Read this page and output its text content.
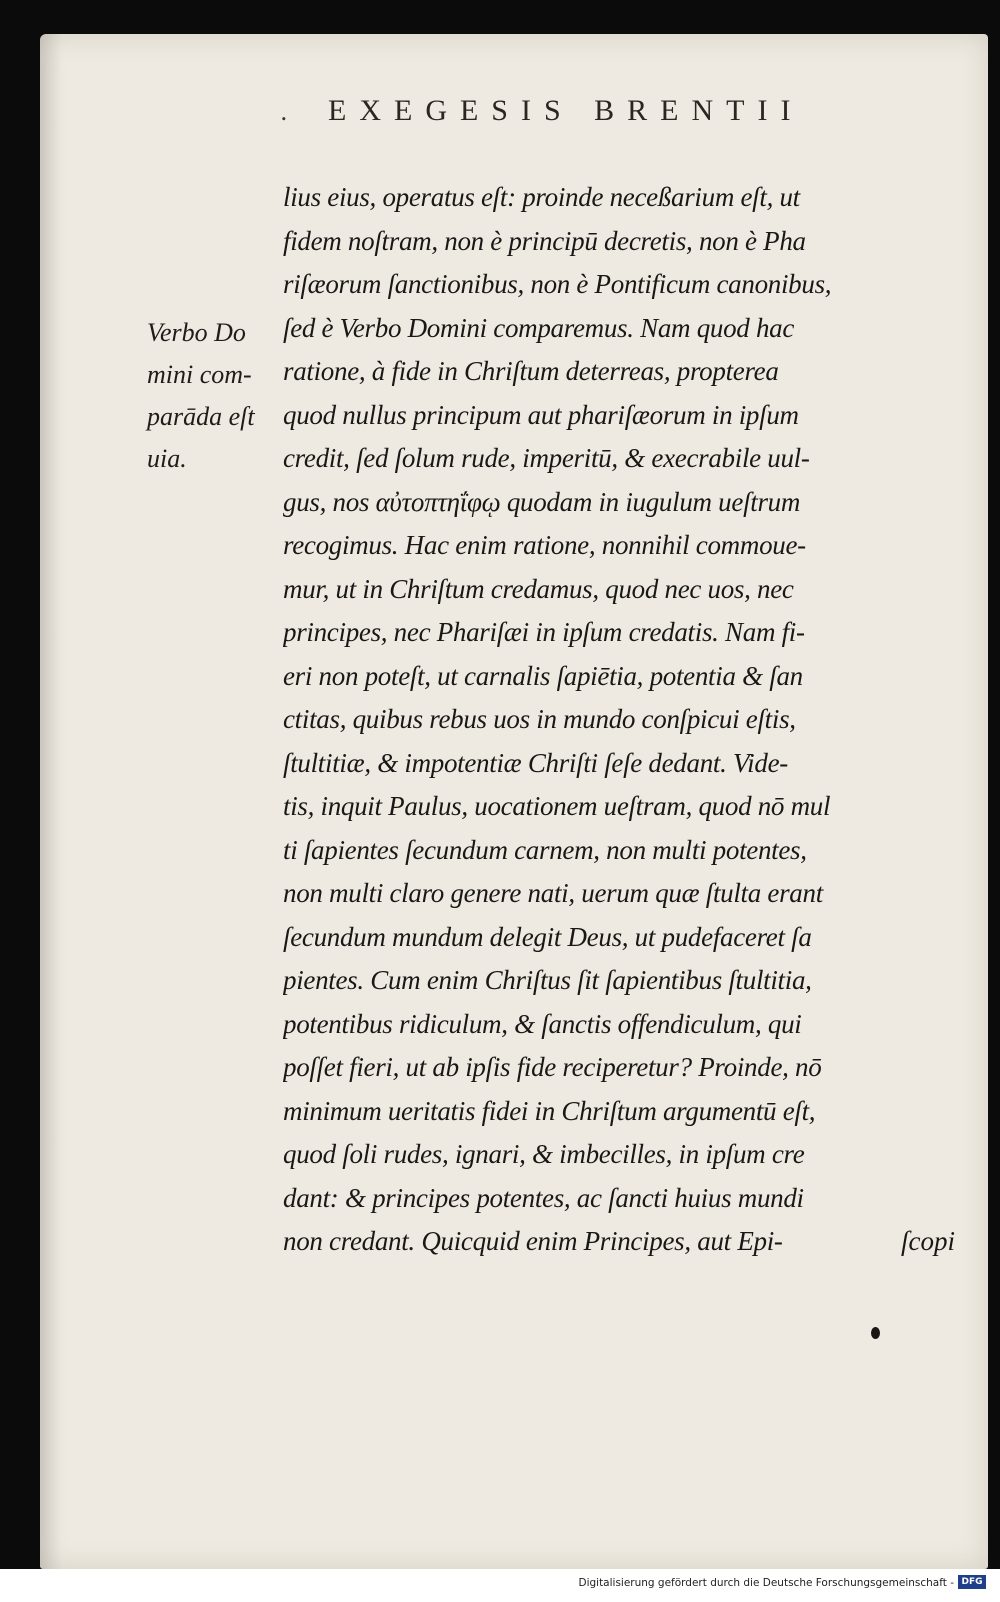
. EXEGESIS BRENTII
Verbo Do
mini com-
parāda eſt
uia.
lius eius, operatus eſt: proinde neceßarium eſt, ut
fidem noſtram, non è principū decretis, non è Pha
riſæorum ſanctionibus, non è Pontificum canonibus,
ſed è Verbo Domini comparemus. Nam quod hac
ratione, à fide in Chriſtum deterreas, propterea
quod nullus principum aut phariſæorum in ipſum
credit, ſed ſolum rude, imperitū, & execrabile uul-
gus, nos αὐτοπτηΐφῳ quodam in iugulum ueſtrum
recogimus. Hac enim ratione, nonnihil commoue-
mur, ut in Chriſtum credamus, quod nec uos, nec
principes, nec Phariſæi in ipſum credatis. Nam fi-
eri non poteſt, ut carnalis ſapiētia, potentia & ſan
ctitas, quibus rebus uos in mundo conſpicui eſtis,
ſtultitiæ, & impotentiæ Chriſti ſeſe dedant. Vide-
tis, inquit Paulus, uocationem ueſtram, quod nō mul
ti ſapientes ſecundum carnem, non multi potentes,
non multi claro genere nati, uerum quæ ſtulta erant
ſecundum mundum delegit Deus, ut pudefaceret ſa
pientes. Cum enim Chriſtus ſit ſapientibus ſtultitia,
potentibus ridiculum, & ſanctis offendiculum, qui
poſſet fieri, ut ab ipſis fide reciperetur? Proinde, nō
minimum ueritatis fidei in Chriſtum argumentū eſt,
quod ſoli rudes, ignari, & imbecilles, in ipſum cre
dant: & principes potentes, ac ſancti huius mundi
non credant. Quicquid enim Principes, aut Epi-	ſcopi
Digitalisierung gefördert durch die Deutsche Forschungsgemeinschaft - DFG
